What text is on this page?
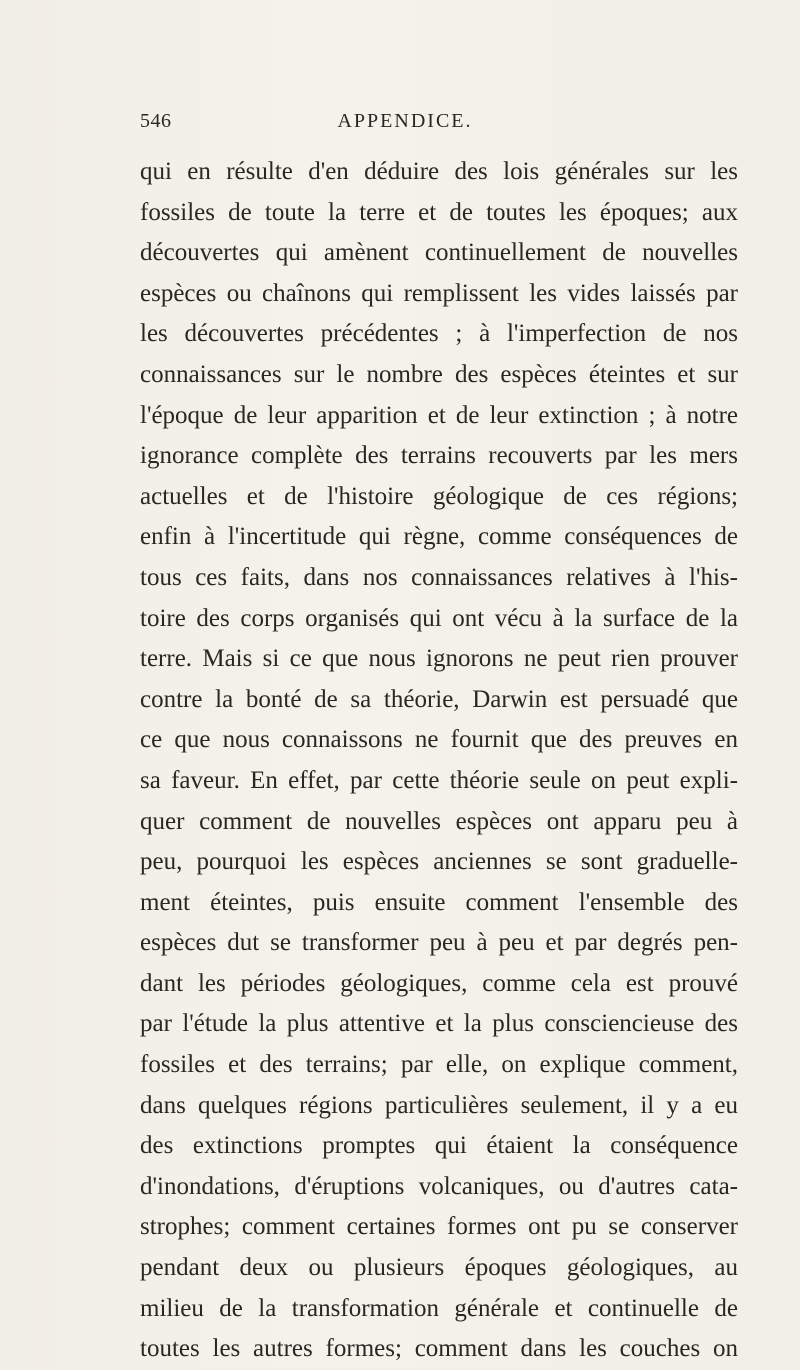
546	APPENDICE.
qui en résulte d'en déduire des lois générales sur les
fossiles de toute la terre et de toutes les époques; aux
découvertes qui amènent continuellement de nouvelles
espèces ou chaînons qui remplissent les vides laissés par
les découvertes précédentes ; à l'imperfection de nos
connaissances sur le nombre des espèces éteintes et sur
l'époque de leur apparition et de leur extinction ; à notre
ignorance complète des terrains recouverts par les mers
actuelles et de l'histoire géologique de ces régions;
enfin à l'incertitude qui règne, comme conséquences de
tous ces faits, dans nos connaissances relatives à l'his-
toire des corps organisés qui ont vécu à la surface de la
terre. Mais si ce que nous ignorons ne peut rien prouver
contre la bonté de sa théorie, Darwin est persuadé que
ce que nous connaissons ne fournit que des preuves en
sa faveur. En effet, par cette théorie seule on peut expli-
quer comment de nouvelles espèces ont apparu peu à
peu, pourquoi les espèces anciennes se sont graduelle-
ment éteintes, puis ensuite comment l'ensemble des
espèces dut se transformer peu à peu et par degrés pen-
dant les périodes géologiques, comme cela est prouvé
par l'étude la plus attentive et la plus consciencieuse des
fossiles et des terrains; par elle, on explique comment,
dans quelques régions particulières seulement, il y a eu
des extinctions promptes qui étaient la conséquence
d'inondations, d'éruptions volcaniques, ou d'autres cata-
strophes; comment certaines formes ont pu se conserver
pendant deux ou plusieurs époques géologiques, au
milieu de la transformation générale et continuelle de
toutes les autres formes; comment dans les couches on
